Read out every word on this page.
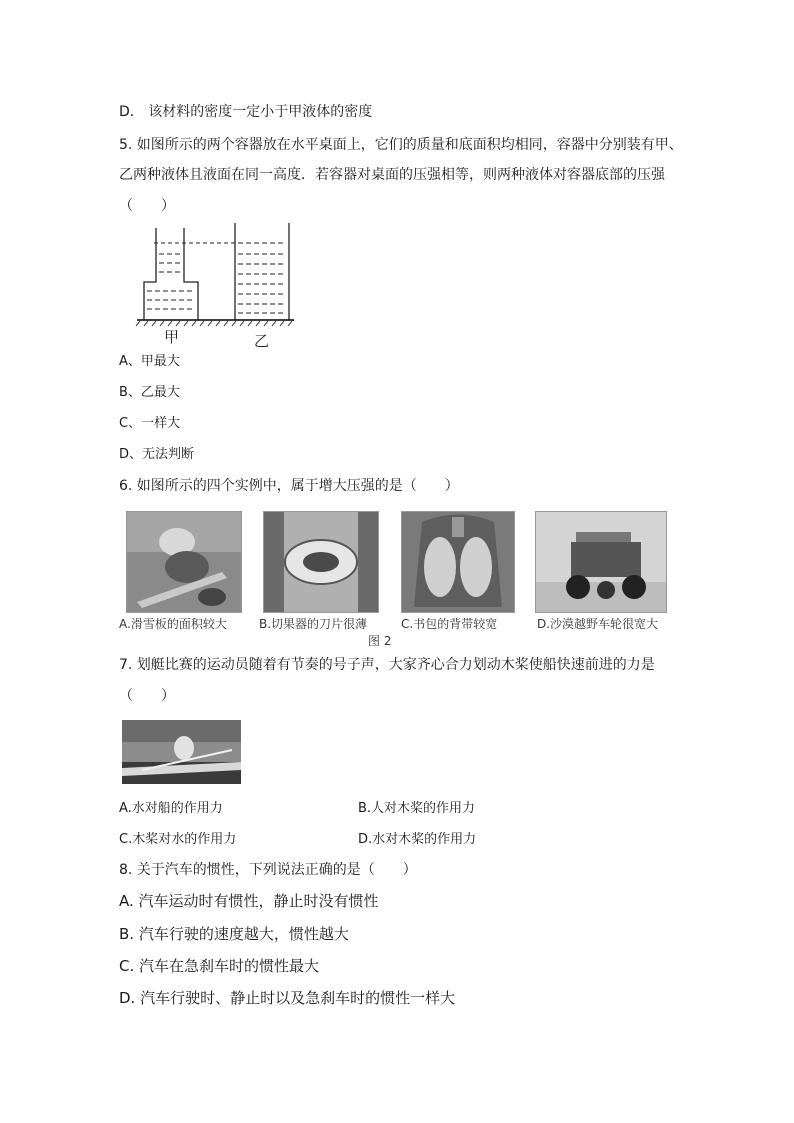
D． 该材料的密度一定小于甲液体的密度
5. 如图所示的两个容器放在水平桌面上，它们的质量和底面积均相同，容器中分别装有甲、
乙两种液体且液面在同一高度．若容器对桌面的压强相等，则两种液体对容器底部的压强
（　　）
甲	乙
A、甲最大
B、乙最大
C、一样大
D、无法判断
6. 如图所示的四个实例中，属于增大压强的是（　　）
A.滑雪板的面积较大	B.切果器的刀片很薄	C.书包的背带较宽	D.沙漠越野车轮很宽大
图 2
7. 划艇比赛的运动员随着有节奏的号子声，大家齐心合力划动木桨使船快速前进的力是
（　　）
A.水对船的作用力	B.人对木桨的作用力
C.木桨对水的作用力	D.水对木桨的作用力
8. 关于汽车的惯性，下列说法正确的是（　　）
A. 汽车运动时有惯性，静止时没有惯性
B. 汽车行驶的速度越大，惯性越大
C. 汽车在急刹车时的惯性最大
D. 汽车行驶时、静止时以及急刹车时的惯性一样大
